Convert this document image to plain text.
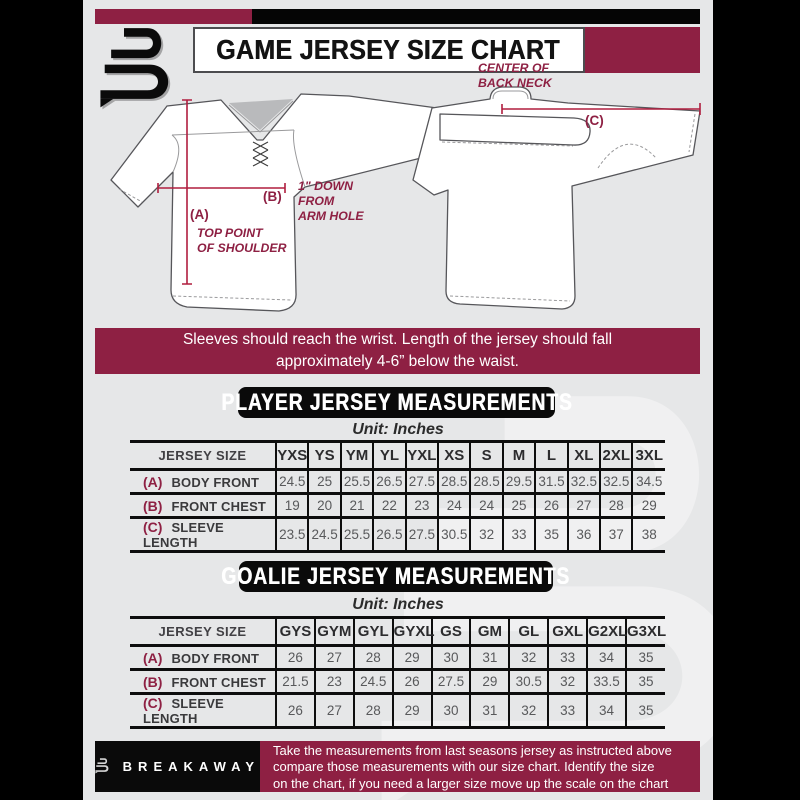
GAME JERSEY SIZE CHART
(B)
1" DOWN
FROM
ARM HOLE
(A)
TOP POINT
OF SHOULDER
CENTER OF
BACK NECK
(C)
Sleeves should reach the wrist. Length of the jersey should fall
approximately 4-6” below the waist.
PLAYER JERSEY MEASUREMENTS
Unit: Inches
JERSEY SIZE	YXS	YS	YM	YL	YXL	XS	S	M	L	XL	2XL	3XL
(A) BODY FRONT	24.5	25	25.5	26.5	27.5	28.5	28.5	29.5	31.5	32.5	32.5	34.5
(B) FRONT CHEST	19	20	21	22	23	24	24	25	26	27	28	29
(C) SLEEVE LENGTH	23.5	24.5	25.5	26.5	27.5	30.5	32	33	35	36	37	38
GOALIE JERSEY MEASUREMENTS
Unit: Inches
JERSEY SIZE	GYS	GYM	GYL	GYXL	GS	GM	GL	GXL	G2XL	G3XL
(A) BODY FRONT	26	27	28	29	30	31	32	33	34	35
(B) FRONT CHEST	21.5	23	24.5	26	27.5	29	30.5	32	33.5	35
(C) SLEEVE LENGTH	26	27	28	29	30	31	32	33	34	35
BREAKAWAY
Take the measurements from last seasons jersey as instructed above
compare those measurements with our size chart. Identify the size
on the chart, if you need a larger size move up the scale on the chart
